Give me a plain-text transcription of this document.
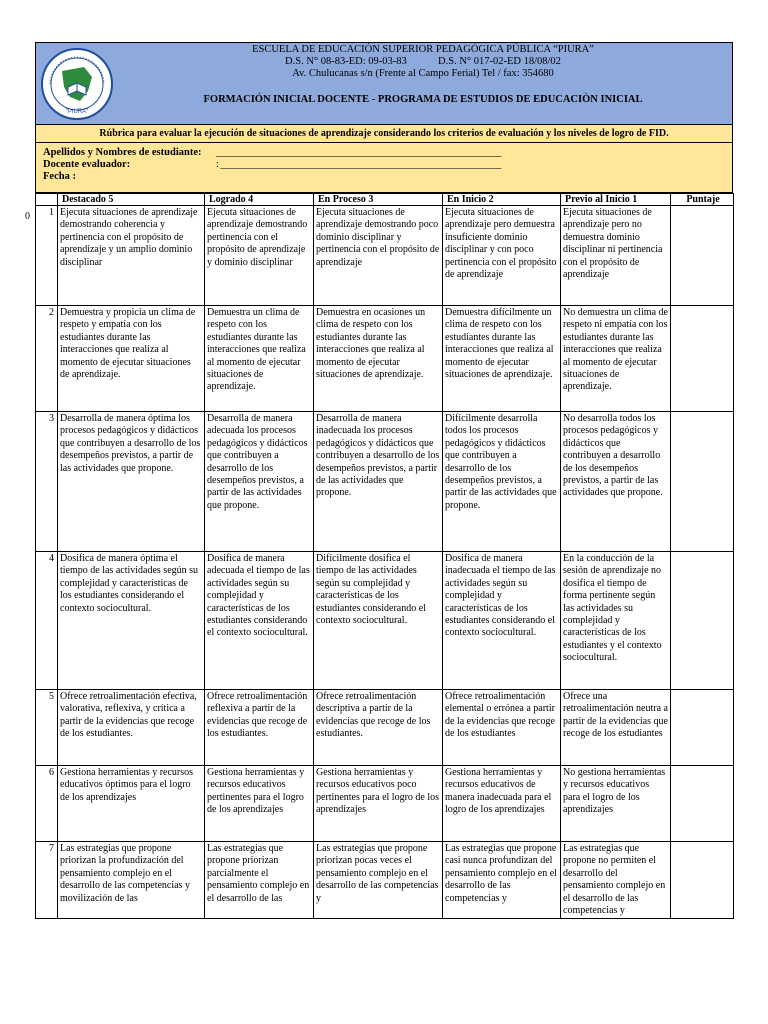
"PIURA"
ESCUELA DE EDUCACIÓN SUPERIOR PEDAGÓGICA PÚBLICA “PIURA”
D.S. N° 08-83-ED: 09-03-83	D.S. N° 017-02-ED 18/08/02
Av. Chulucanas s/n (Frente al Campo Ferial) Tel / fax: 354680
FORMACIÓN INICIAL DOCENTE - PROGRAMA DE ESTUDIOS DE EDUCACIÒN INICIAL
Rúbrica para evaluar la ejecución de situaciones de aprendizaje considerando los criterios de evaluación y los niveles de logro de FID.
Apellidos y Nombres de estudiante: ____________________________________________________________
Docente evaluador:	: ___________________________________________________________
Fecha :
	Destacado 5	Logrado 4	En Proceso 3	En Inicio 2	Previo al Inicio 1	Puntaje
1	Ejecuta situaciones de aprendizaje demostrando coherencia y pertinencia con el propósito de aprendizaje y un amplio dominio disciplinar	Ejecuta situaciones de aprendizaje demostrando pertinencia con el propósito de aprendizaje y dominio disciplinar	Ejecuta situaciones de aprendizaje demostrando poco dominio disciplinar y pertinencia con el propósito de aprendizaje	Ejecuta situaciones de aprendizaje pero demuestra insuficiente dominio disciplinar y con poco pertinencia con el propósito de aprendizaje	Ejecuta situaciones de aprendizaje pero no demuestra dominio disciplinar ni pertinencia con el propósito de aprendizaje	
2	Demuestra y propicia un clima de respeto y empatía con los estudiantes durante las interacciones que realiza al momento de ejecutar situaciones de aprendizaje.	Demuestra un clima de respeto con los estudiantes durante las interacciones que realiza al momento de ejecutar situaciones de aprendizaje.	Demuestra en ocasiones un clima de respeto con los estudiantes durante las interacciones que realiza al momento de ejecutar situaciones de aprendizaje.	Demuestra difícilmente un clima de respeto con los estudiantes durante las interacciones que realiza al momento de ejecutar situaciones de aprendizaje.	No demuestra un clima de respeto ni empatía con los estudiantes durante las interacciones que realiza al momento de ejecutar situaciones de aprendizaje.	
3	Desarrolla de manera óptima los procesos pedagógicos y didácticos que contribuyen a desarrollo de los desempeños previstos, a partir de las actividades que propone.	Desarrolla de manera adecuada los procesos pedagógicos y didácticos que contribuyen a desarrollo de los desempeños previstos, a partir de las actividades que propone.	Desarrolla de manera inadecuada los procesos pedagógicos y didácticos que contribuyen a desarrollo de los desempeños previstos, a partir de las actividades que propone.	Difícilmente desarrolla todos los procesos pedagógicos y didácticos que contribuyen a desarrollo de los desempeños previstos, a partir de las actividades que propone.	No desarrolla todos los procesos pedagógicos y didácticos que contribuyen a desarrollo de los desempeños previstos, a partir de las actividades que propone.	
4	Dosifica de manera óptima el tiempo de las actividades según su complejidad y características de los estudiantes considerando el contexto sociocultural.	Dosifica de manera adecuada el tiempo de las actividades según su complejidad y características de los estudiantes considerando el contexto sociocultural.	Difícilmente dosifica el tiempo de las actividades según su complejidad y características de los estudiantes considerando el contexto sociocultural.	Dosifica de manera inadecuada el tiempo de las actividades según su complejidad y características de los estudiantes considerando el contexto sociocultural.	En la conducción de la sesión de aprendizaje no dosifica el tiempo de forma pertinente según las actividades su complejidad y características de los estudiantes y el contexto sociocultural.	
5	Ofrece retroalimentación efectiva, valorativa, reflexiva, y crítica a partir de la evidencias que recoge de los estudiantes.	Ofrece retroalimentación reflexiva a partir de la evidencias que recoge de los estudiantes.	Ofrece retroalimentación descriptiva a partir de la evidencias que recoge de los estudiantes.	Ofrece retroalimentación elemental o errónea a partir de la evidencias que recoge de los estudiantes	Ofrece una retroalimentación neutra a partir de la evidencias que recoge de los estudiantes	
6	Gestiona herramientas y recursos educativos óptimos para el logro de los aprendizajes	Gestiona herramientas y recursos educativos pertinentes para el logro de los aprendizajes	Gestiona herramientas y recursos educativos poco pertinentes para el logro de los aprendizajes	Gestiona herramientas y recursos educativos de manera inadecuada para el logro de los aprendizajes	No gestiona herramientas y recursos educativos para el logro de los aprendizajes	
7	Las estrategias que propone priorizan la profundización del pensamiento complejo en el desarrollo de las competencias y movilización de las	Las estrategias que propone priorizan parcialmente el pensamiento complejo en el desarrollo de las	Las estrategias que propone priorizan pocas veces el pensamiento complejo en el desarrollo de las competencias y	Las estrategias que propone casi nunca profundizan del pensamiento complejo en el desarrollo de las competencias y	Las estrategias que propone no permiten el desarrollo del pensamiento complejo en el desarrollo de las competencias y	
0
